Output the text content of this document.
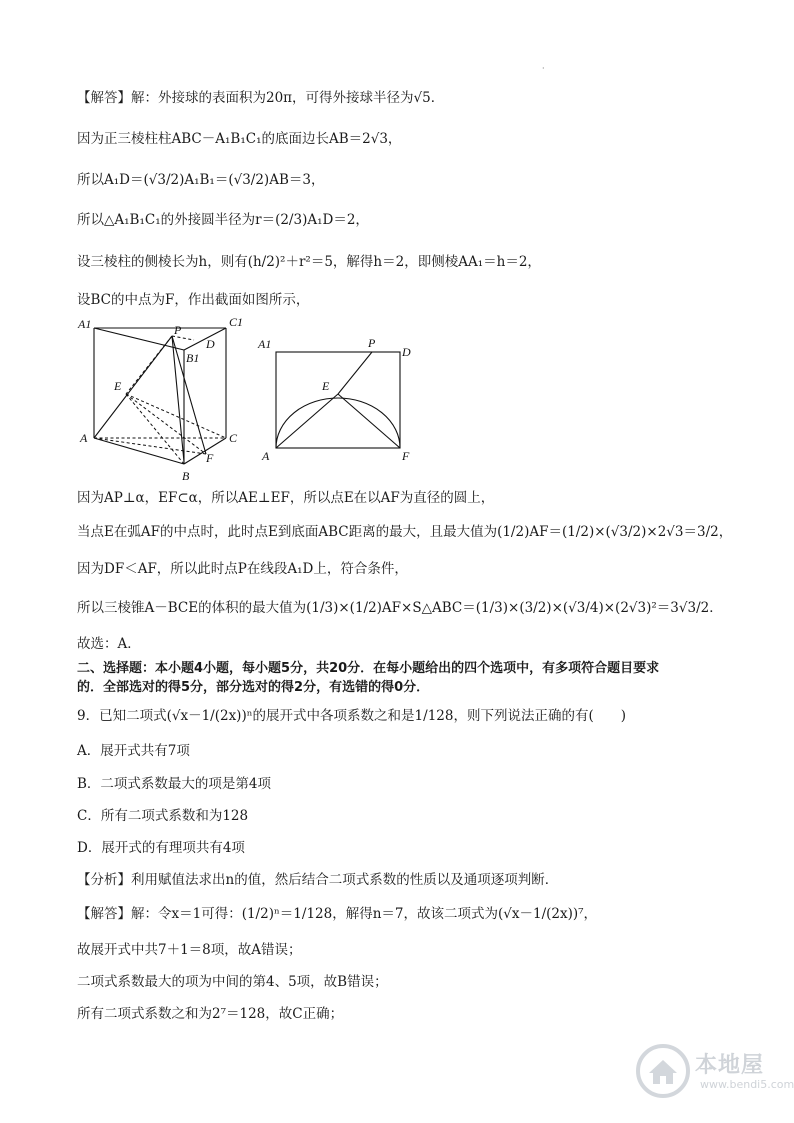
·
【解答】解：外接球的表面积为20π，可得外接球半径为√5．
因为正三棱柱柱ABC－A₁B₁C₁的底面边长AB＝2√3，
所以A₁D＝(√3/2)A₁B₁＝(√3/2)AB＝3，
所以△A₁B₁C₁的外接圆半径为r＝(2/3)A₁D＝2，
设三棱柱的侧棱长为h，则有(h/2)²＋r²＝5，解得h＝2，即侧棱AA₁＝h＝2，
设BC的中点为F，作出截面如图所示，
A1	C1
P
D
B1
E
A	C
F
B
A1	P
D
E
A	F
因为AP⊥α，EF⊂α，所以AE⊥EF，所以点E在以AF为直径的圆上，
当点E在弧AF的中点时，此时点E到底面ABC距离的最大，且最大值为(1/2)AF＝(1/2)×(√3/2)×2√3＝3/2，
因为DF＜AF，所以此时点P在线段A₁D上，符合条件，
所以三棱锥A－BCE的体积的最大值为(1/3)×(1/2)AF×S△ABC＝(1/3)×(3/2)×(√3/4)×(2√3)²＝3√3/2．
故选：A．
二、选择题：本小题4小题，每小题5分，共20分．在每小题给出的四个选项中，有多项符合题目要求
的．全部选对的得5分，部分选对的得2分，有选错的得0分．
9．已知二项式(√x－1/(2x))ⁿ的展开式中各项系数之和是1/128，则下列说法正确的有(　　)
A．展开式共有7项
B．二项式系数最大的项是第4项
C．所有二项式系数和为128
D．展开式的有理项共有4项
【分析】利用赋值法求出n的值，然后结合二项式系数的性质以及通项逐项判断．
【解答】解：令x＝1可得：(1/2)ⁿ＝1/128，解得n＝7，故该二项式为(√x－1/(2x))⁷，
故展开式中共7＋1＝8项，故A错误；
二项式系数最大的项为中间的第4、5项，故B错误；
所有二项式系数之和为2⁷＝128，故C正确；
本地屋
www.bendi5.com
